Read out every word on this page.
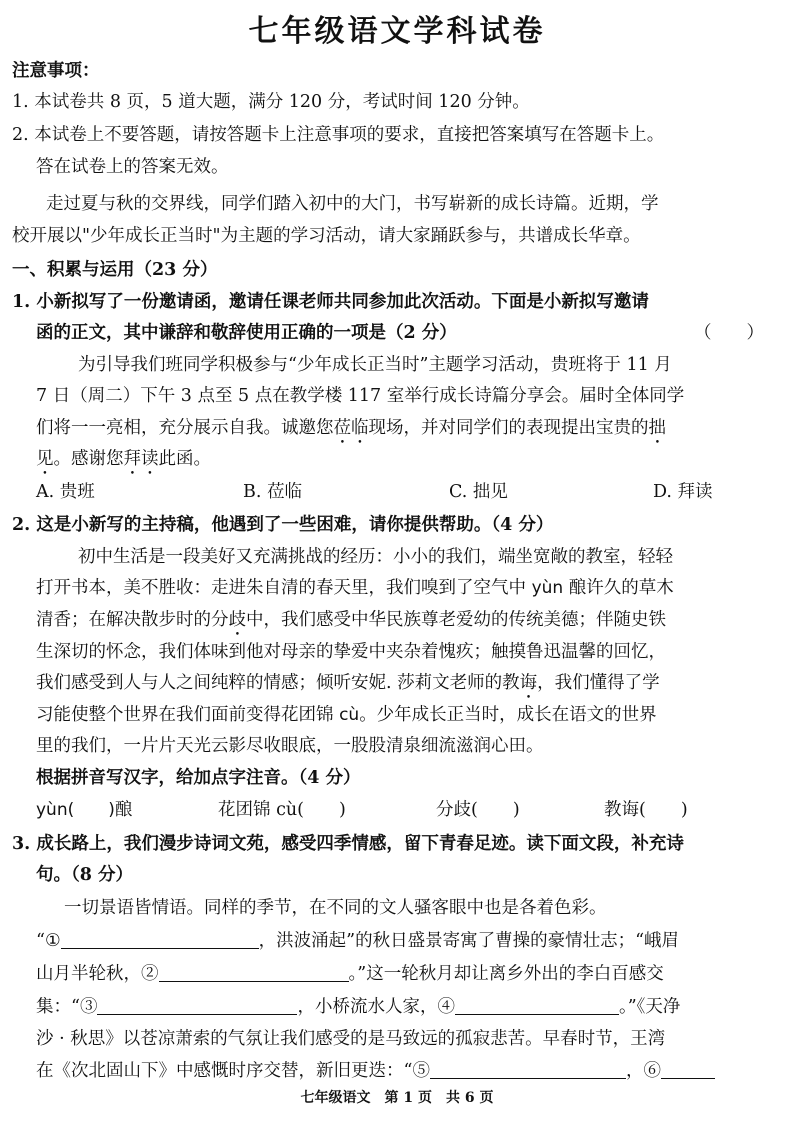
七年级语文学科试卷
注意事项：
1. 本试卷共 8 页，5 道大题，满分 120 分，考试时间 120 分钟。
2. 本试卷上不要答题，请按答题卡上注意事项的要求，直接把答案填写在答题卡上。
答在试卷上的答案无效。
走过夏与秋的交界线，同学们踏入初中的大门，书写崭新的成长诗篇。近期，学
校开展以"少年成长正当时"为主题的学习活动，请大家踊跃参与，共谱成长华章。
一、积累与运用（23 分）
1. 小新拟写了一份邀请函，邀请任课老师共同参加此次活动。下面是小新拟写邀请
函的正文，其中谦辞和敬辞使用正确的一项是（2 分）	（　　）
为引导我们班同学积极参与“少年成长正当时”主题学习活动，贵班将于 11 月
7 日（周二）下午 3 点至 5 点在教学楼 117 室举行成长诗篇分享会。届时全体同学
们将一一亮相，充分展示自我。诚邀您莅临现场，并对同学们的表现提出宝贵的拙
见。感谢您拜读此函。
A. 贵班	B. 莅临	C. 拙见	D. 拜读
2. 这是小新写的主持稿，他遇到了一些困难，请你提供帮助。（4 分）
初中生活是一段美好又充满挑战的经历：小小的我们，端坐宽敞的教室，轻轻
打开书本，美不胜收：走进朱自清的春天里，我们嗅到了空气中 yùn 酿许久的草木
清香；在解决散步时的分歧中，我们感受中华民族尊老爱幼的传统美德；伴随史铁
生深切的怀念，我们体味到他对母亲的挚爱中夹杂着愧疚；触摸鲁迅温馨的回忆，
我们感受到人与人之间纯粹的情感；倾听安妮. 莎莉文老师的教诲，我们懂得了学
习能使整个世界在我们面前变得花团锦 cù。少年成长正当时，成长在语文的世界
里的我们，一片片天光云影尽收眼底，一股股清泉细流滋润心田。
根据拼音写汉字，给加点字注音。（4 分）
yùn(　　)酿	花团锦 cù(　　)	分歧(　　)	教诲(　　)
3. 成长路上，我们漫步诗词文苑，感受四季情感，留下青春足迹。读下面文段，补充诗
句。（8 分）
一切景语皆情语。同样的季节，在不同的文人骚客眼中也是各着色彩。
“①	，洪波涌起”的秋日盛景寄寓了曹操的豪情壮志；“峨眉
山月半轮秋，②	。”这一轮秋月却让离乡外出的李白百感交
集：“③	，小桥流水人家，④	。”《天净
沙 · 秋思》以苍凉萧索的气氛让我们感受的是马致远的孤寂悲苦。早春时节，王湾
在《次北固山下》中感慨时序交替，新旧更迭：“⑤	，⑥
七年级语文　第 1 页　共 6 页
